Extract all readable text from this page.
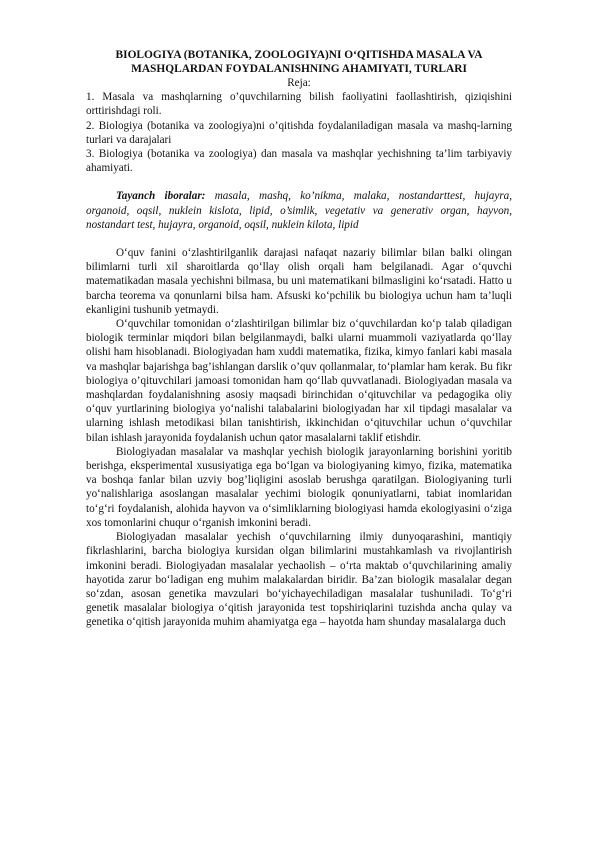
BIOLOGIYA (BOTANIKA, ZOOLOGIYA)NI O‘QITISHDA MASALA VA MASHQLARDAN FOYDALANISHNING AHAMIYATI, TURLARI

Reja:

1. Masala va mashqlarning o’quvchilarning bilish faoliyatini faollashtirish, qiziqishini orttirishdagi roli.

2. Biologiya (botanika va zoologiya)ni o’qitishda foydalaniladigan masala va mashq-larning turlari va darajalari

3. Biologiya (botanika va zoologiya) dan masala va mashqlar yechishning ta’lim tarbiyaviy ahamiyati.

Tayanch iboralar: masala, mashq, ko’nikma, malaka, nostandarttest, hujayra, organoid, oqsil, nuklein kislota, lipid, o’simlik, vegetativ va generativ organ, hayvon, nostandart test, hujayra, organoid, oqsil, nuklein kilota, lipid

O‘quv fanini o‘zlashtirilganlik darajasi nafaqat nazariy bilimlar bilan balki olingan bilimlarni turli xil sharoitlarda qo‘llay olish orqali ham belgilanadi. Agar o‘quvchi matematikadan masala yechishni bilmasa, bu uni matematikani bilmasligini ko‘rsatadi. Hatto u barcha teorema va qonunlarni bilsa ham. Afsuski ko‘pchilik bu biologiya uchun ham ta’luqli ekanligini tushunib yetmaydi.

O‘quvchilar tomonidan o‘zlashtirilgan bilimlar biz o‘quvchilardan ko‘p talab qiladigan biologik terminlar miqdori bilan belgilanmaydi, balki ularni muammoli vaziyatlarda qo‘llay olishi ham hisoblanadi. Biologiyadan ham xuddi matematika, fizika, kimyo fanlari kabi masala va mashqlar bajarishga bag’ishlangan darslik o’quv qollanmalar, to‘plamlar ham kerak. Bu fikr biologiya o’qituvchilari jamoasi tomonidan ham qo‘llab quvvatlanadi. Biologiyadan masala va mashqlardan foydalanishning asosiy maqsadi birinchidan o‘qituvchilar va pedagogika oliy o‘quv yurtlarining biologiya yo‘nalishi talabalarini biologiyadan har xil tipdagi masalalar va ularning ishlash metodikasi bilan tanishtirish, ikkinchidan o‘qituvchilar uchun o‘quvchilar bilan ishlash jarayonida foydalanish uchun qator masalalarni taklif etishdir.

Biologiyadan masalalar va mashqlar yechish biologik jarayonlarning borishini yoritib berishga, eksperimental xususiyatiga ega bo‘lgan va biologiyaning kimyo, fizika, matematika va boshqa fanlar bilan uzviy bog’liqligini asoslab berushga qaratilgan. Biologiyaning turli yo‘nalishlariga asoslangan masalalar yechimi biologik qonuniyatlarni, tabiat inomlaridan to‘g‘ri foydalanish, alohida hayvon va o‘simliklarning biologiyasi hamda ekologiyasini o‘ziga xos tomonlarini chuqur o‘rganish imkonini beradi.

Biologiyadan masalalar yechish o‘quvchilarning ilmiy dunyoqarashini, mantiqiy fikrlashlarini, barcha biologiya kursidan olgan bilimlarini mustahkamlash va rivojlantirish imkonini beradi. Biologiyadan masalalar yechaolish – o‘rta maktab o‘quvchilarining amaliy hayotida zarur bo‘ladigan eng muhim malakalardan biridir. Ba’zan biologik masalalar degan so‘zdan, asosan genetika mavzulari bo‘yichayechiladigan masalalar tushuniladi. To‘g‘ri genetik masalalar biologiya o‘qitish jarayonida test topshiriqlarini tuzishda ancha qulay va genetika o‘qitish jarayonida muhim ahamiyatga ega – hayotda ham shunday masalalarga duch
